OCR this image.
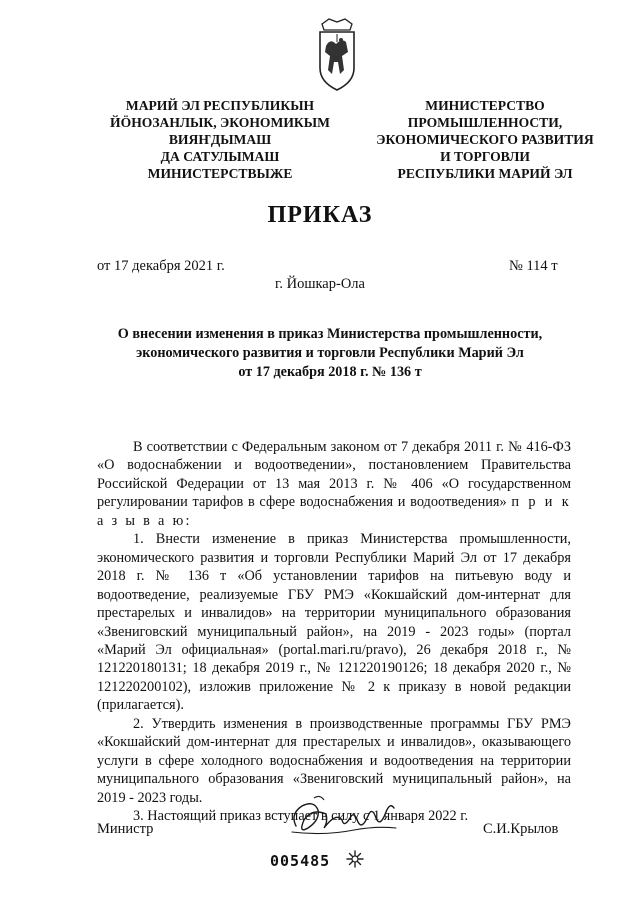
МАРИЙ ЭЛ РЕСПУБЛИКЫН
ЙÖНОЗАНЛЫК, ЭКОНОМИКЫМ
ВИЯҤДЫМАШ
ДА САТУЛЫМАШ
МИНИСТЕРСТВЫЖЕ
МИНИСТЕРСТВО
ПРОМЫШЛЕННОСТИ,
ЭКОНОМИЧЕСКОГО РАЗВИТИЯ
И ТОРГОВЛИ
РЕСПУБЛИКИ МАРИЙ ЭЛ
ПРИКАЗ
от 17 декабря 2021 г.	№ 114 т
г. Йошкар-Ола
О внесении изменения в приказ Министерства промышленности,
экономического развития и торговли Республики Марий Эл
от 17 декабря 2018 г. № 136 т

В соответствии с Федеральным законом от 7 декабря 2011 г. № 416-ФЗ «О водоснабжении и водоотведении», постановлением Правительства Российской Федерации от 13 мая 2013 г. № 406 «О государственном регулировании тарифов в сфере водоснабжения и водоотведения» п р и к а з ы в а ю:

1. Внести изменение в приказ Министерства промышленности, экономического развития и торговли Республики Марий Эл от 17 декабря 2018 г. № 136 т «Об установлении тарифов на питьевую воду и водоотведение, реализуемые ГБУ РМЭ «Кокшайский дом-интернат для престарелых и инвалидов» на территории муниципального образования «Звениговский муниципальный район», на 2019 - 2023 годы» (портал «Марий Эл официальная» (portal.mari.ru/pravo), 26 декабря 2018 г., № 121220180131; 18 декабря 2019 г., № 121220190126; 18 декабря 2020 г., № 121220200102), изложив приложение № 2 к приказу в новой редакции (прилагается).

2. Утвердить изменения в производственные программы ГБУ РМЭ «Кокшайский дом-интернат для престарелых и инвалидов», оказывающего услуги в сфере холодного водоснабжения и водоотведения на территории муниципального образования «Звениговский муниципальный район», на 2019 - 2023 годы.

3. Настоящий приказ вступает в силу с 1 января 2022 г.

Министр	С.И.Крылов
005485
